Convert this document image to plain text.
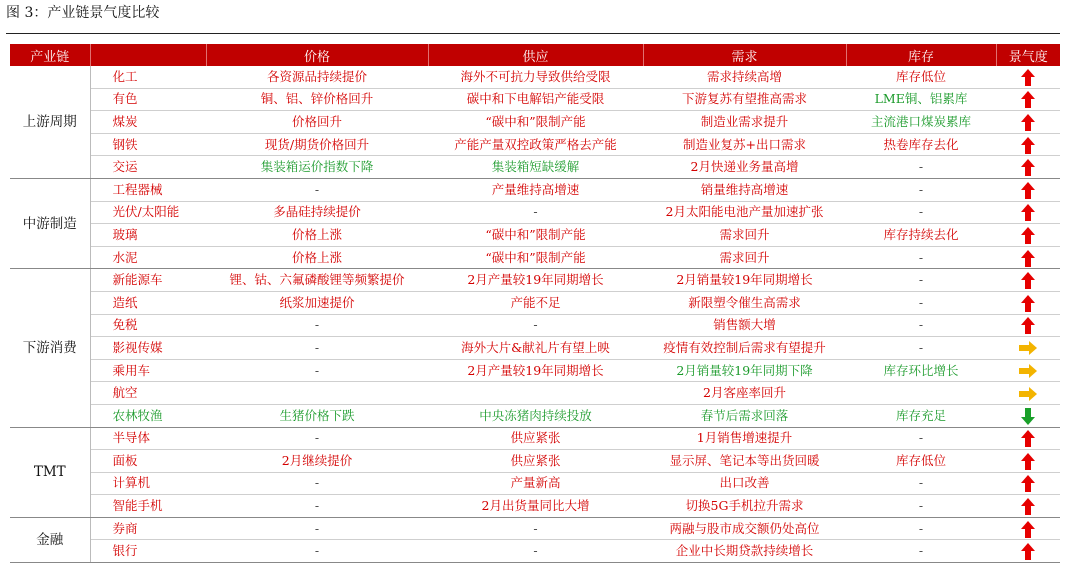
图 3：产业链景气度比较
产业链		价格	供应	需求	库存	景气度
上游周期	化工	各资源品持续提价	海外不可抗力导致供给受限	需求持续高增	库存低位	
	有色	铜、铝、锌价格回升	碳中和下电解铝产能受限	下游复苏有望推高需求	LME铜、铝累库	
	煤炭	价格回升	“碳中和”限制产能	制造业需求提升	主流港口煤炭累库	
	钢铁	现货/期货价格回升	产能产量双控政策严格去产能	制造业复苏+出口需求	热卷库存去化	
	交运	集装箱运价指数下降	集装箱短缺缓解	2月快递业务量高增	-	
中游制造	工程器械	-	产量维持高增速	销量维持高增速	-	
	光伏/太阳能	多晶硅持续提价	-	2月太阳能电池产量加速扩张	-	
	玻璃	价格上涨	“碳中和”限制产能	需求回升	库存持续去化	
	水泥	价格上涨	“碳中和”限制产能	需求回升	-	
下游消费	新能源车	锂、钴、六氟磷酸锂等频繁提价	2月产量较19年同期增长	2月销量较19年同期增长	-	
	造纸	纸浆加速提价	产能不足	新限塑令催生高需求	-	
	免税	-	-	销售额大增	-	
	影视传媒	-	海外大片&献礼片有望上映	疫情有效控制后需求有望提升	-	
	乘用车	-	2月产量较19年同期增长	2月销量较19年同期下降	库存环比增长	
	航空			2月客座率回升		
	农林牧渔	生猪价格下跌	中央冻猪肉持续投放	春节后需求回落	库存充足	
TMT	半导体	-	供应紧张	1月销售增速提升	-	
	面板	2月继续提价	供应紧张	显示屏、笔记本等出货回暖	库存低位	
	计算机	-	产量新高	出口改善	-	
	智能手机	-	2月出货量同比大增	切换5G手机拉升需求	-	
金融	券商	-	-	两融与股市成交额仍处高位	-	
	银行	-	-	企业中长期贷款持续增长	-	
